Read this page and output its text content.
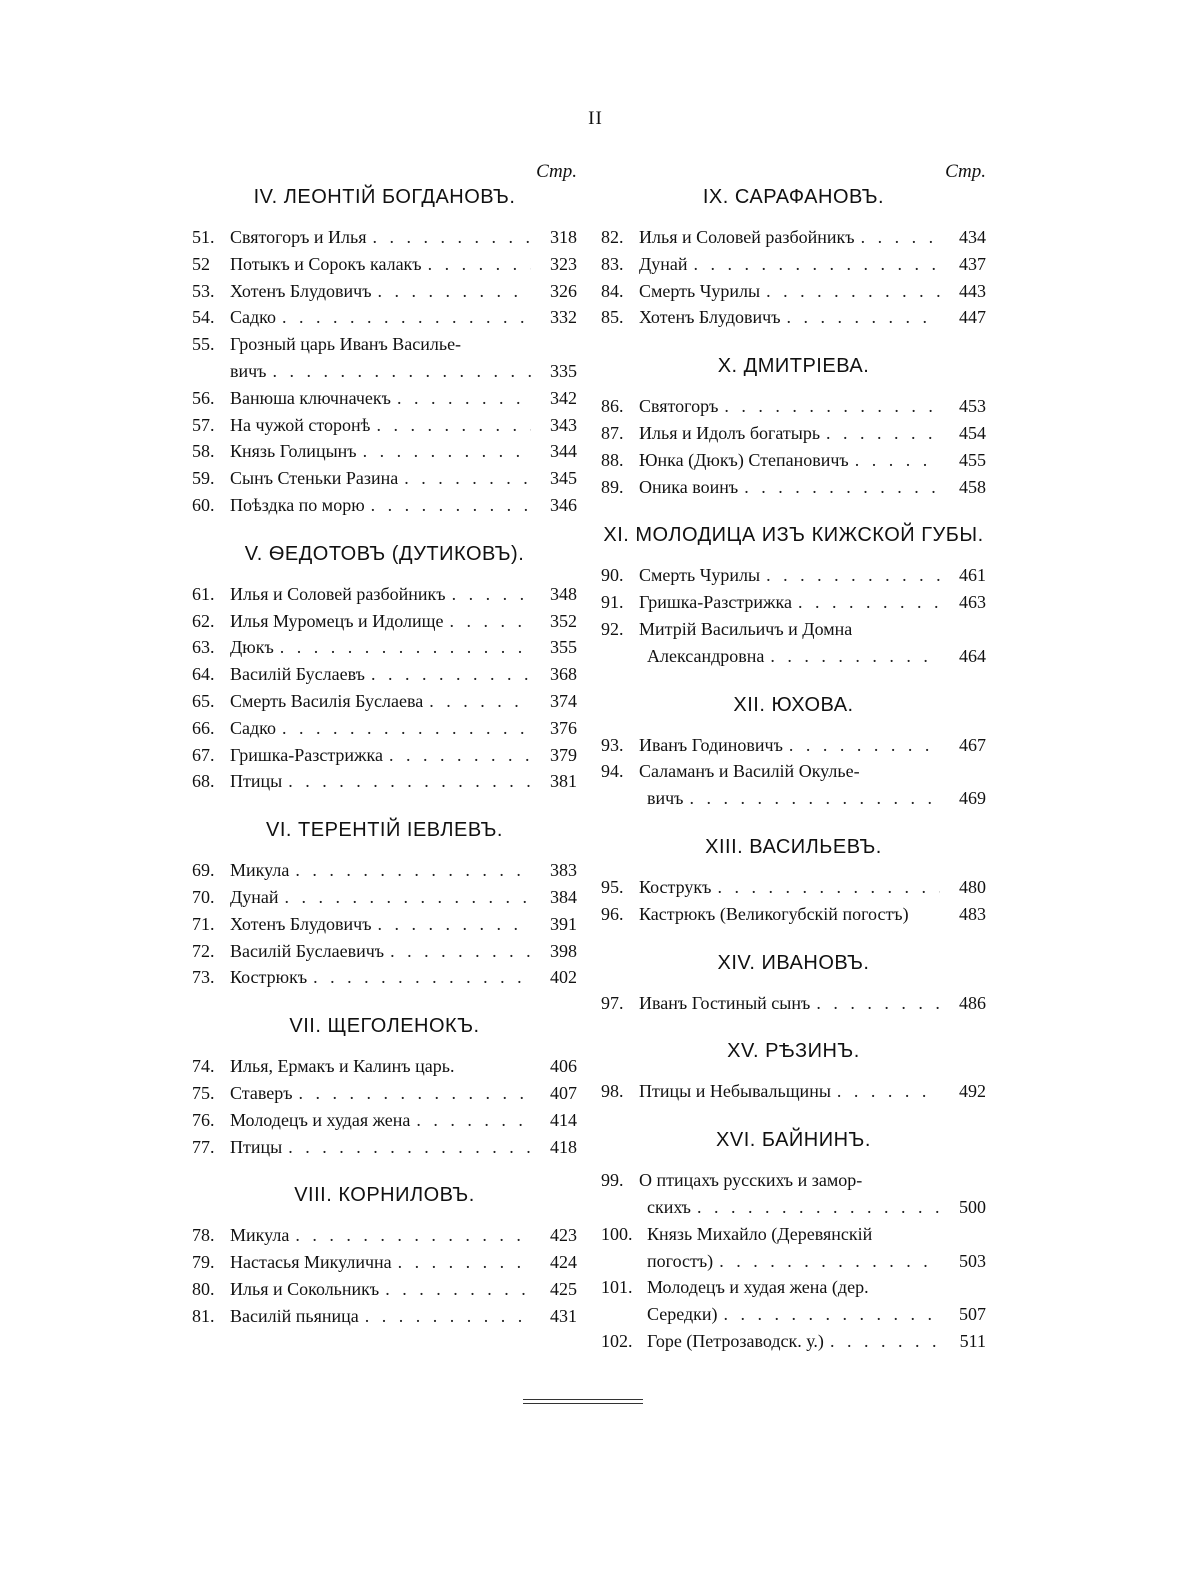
II
Стр.
IV. ЛЕОНТІЙ БОГДАНОВЪ.
51. Святогоръ и Илья . . .	318
52	Потыкъ и Сорокъ калакъ . . .	323
53. Хотенъ Блудовичъ . . .	326
54. Садко . . .	332
55. Грозный царь Иванъ Василье-
вичъ . . .	335
56. Ванюша ключначекъ . . .	342
57. На чужой сторонѣ . . .	343
58. Князь Голицынъ . . .	344
59. Сынъ Стеньки Разина . . .	345
60. Поѣздка по морю . . .	346
V. ѲЕДОТОВЪ (ДУТИКОВЪ).
61. Илья и Соловей разбойникъ . . .	348
62. Илья Муромецъ и Идолище . . .	352
63. Дюкъ . . .	355
64. Василій Буслаевъ . . .	368
65. Смерть Василія Буслаева . . .	374
66. Садко . . .	376
67. Гришка-Разстрижка . . .	379
68. Птицы . . .	381
VI. ТЕРЕНТІЙ ІЕВЛЕВЪ.
69. Микула . . .	383
70. Дунай . . .	384
71. Хотенъ Блудовичъ . . .	391
72. Василій Буслаевичъ . . .	398
73. Кострюкъ . . .	402
VII. ЩЕГОЛЕНОКЪ.
74. Илья, Ермакъ и Калинъ царь.	406
75. Ставеръ . . .	407
76. Молодецъ и худая жена . . .	414
77. Птицы . . .	418
VIII. КОРНИЛОВЪ.
78. Микула . . .	423
79. Настасья Микулична . . .	424
80. Илья и Сокольникъ . . .	425
81. Василій пьяница . . .	431
Стр.
IX. САРАФАНОВЪ.
82. Илья и Соловей разбойникъ . . .	434
83. Дунай . . .	437
84. Смерть Чурилы . . .	443
85. Хотенъ Блудовичъ . . .	447
X. ДМИТРІЕВА.
86. Святогоръ . . .	453
87. Илья и Идолъ богатырь . . .	454
88. Юнка (Дюкъ) Степановичъ . . .	455
89. Оника воинъ . . .	458
XI. МОЛОДИЦА ИЗЪ КИЖСКОЙ ГУБЫ.
90. Смерть Чурилы . . .	461
91. Гришка-Разстрижка . . .	463
92. Митрій Васильичъ и Домна
Александровна . . .	464
XII. ЮХОВА.
93. Иванъ Годиновичъ . . .	467
94. Саламанъ и Василій Окулье-
вичъ . . .	469
XIII. ВАСИЛЬЕВЪ.
95. Кострукъ . . .	480
96. Кастрюкъ (Великогубскій погостъ)	483
XIV. ИВАНОВЪ.
97. Иванъ Гостиный сынъ . . .	486
XV. РѢЗИНЪ.
98. Птицы и Небывальщины . . .	492
XVI. БАЙНИНЪ.
99. О птицахъ русскихъ и замор-
скихъ . . .	500
100. Князь Михайло (Деревянскій
погостъ) . . .	503
101. Молодецъ и худая жена (дер.
Середки) . . .	507
102. Горе (Петрозаводск. у.) . . .	511
